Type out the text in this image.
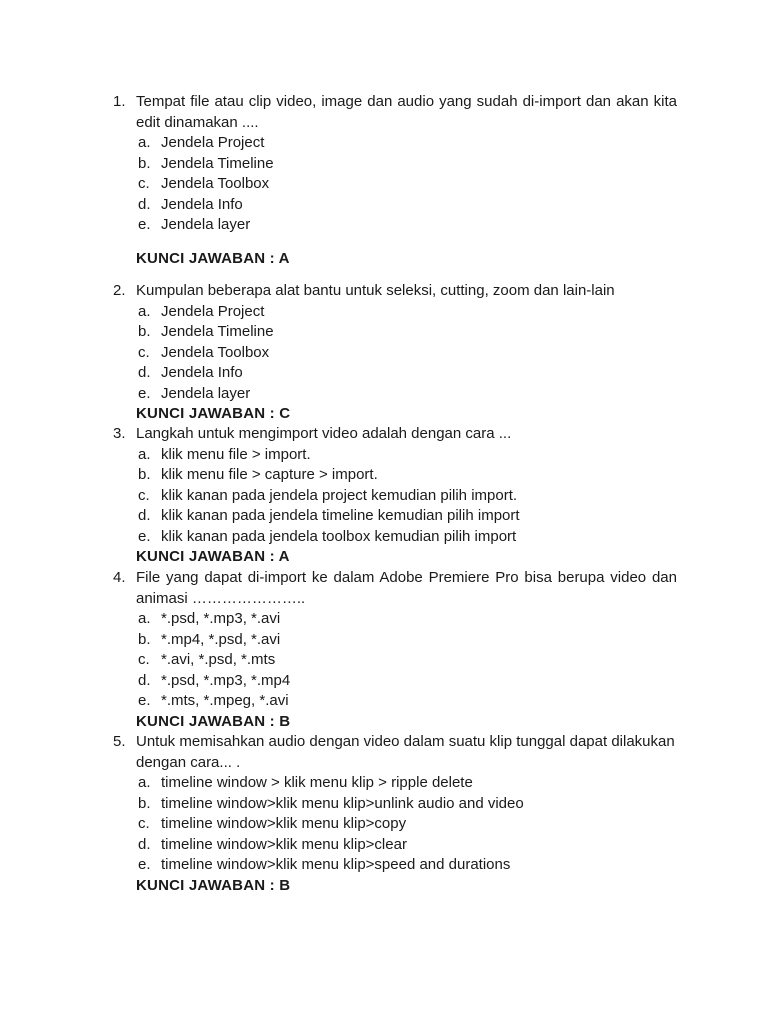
1. Tempat file atau clip video, image dan audio yang sudah di-import dan akan kita edit dinamakan ....
a. Jendela Project
b. Jendela Timeline
c. Jendela Toolbox
d. Jendela Info
e. Jendela layer
KUNCI JAWABAN : A
2. Kumpulan beberapa alat bantu untuk seleksi, cutting, zoom dan lain-lain
a. Jendela Project
b. Jendela Timeline
c. Jendela Toolbox
d. Jendela Info
e. Jendela layer
KUNCI JAWABAN : C
3. Langkah untuk mengimport video adalah dengan cara ...
a. klik menu file > import.
b. klik menu file > capture > import.
c. klik kanan pada jendela project kemudian pilih import.
d. klik kanan pada jendela timeline kemudian pilih import
e. klik kanan pada jendela toolbox kemudian pilih import
KUNCI JAWABAN : A
4. File yang dapat di-import ke dalam Adobe Premiere Pro bisa berupa video dan animasi …………………..
a. *.psd, *.mp3, *.avi
b. *.mp4, *.psd, *.avi
c. *.avi, *.psd, *.mts
d. *.psd, *.mp3, *.mp4
e. *.mts, *.mpeg, *.avi
KUNCI JAWABAN : B
5. Untuk memisahkan audio dengan video dalam suatu klip tunggal dapat dilakukan dengan cara... .
a. timeline window > klik menu klip > ripple delete
b. timeline window>klik menu klip>unlink audio and video
c. timeline window>klik menu klip>copy
d. timeline window>klik menu klip>clear
e. timeline window>klik menu klip>speed and durations
KUNCI JAWABAN : B
